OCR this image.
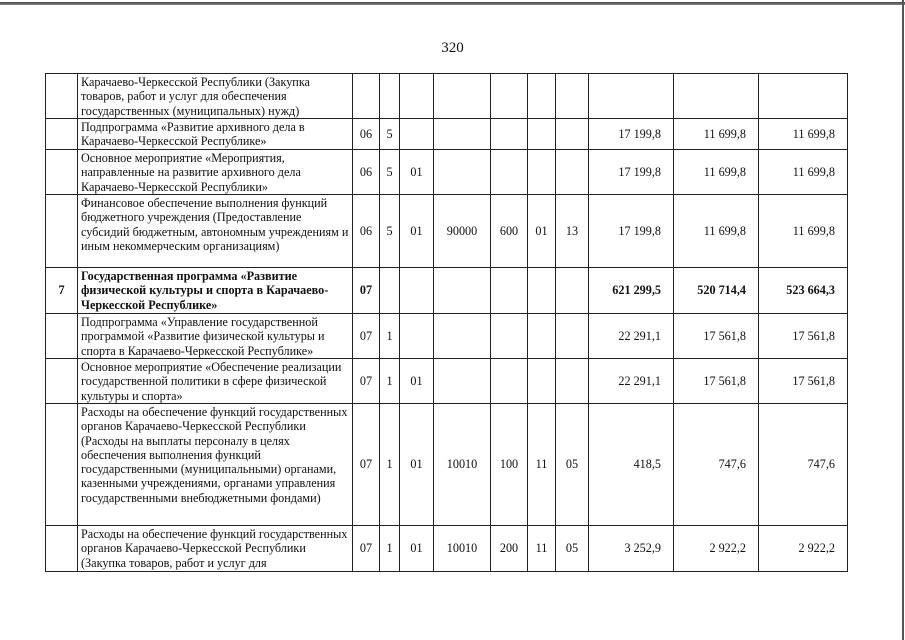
320
	Карачаево-Черкесской Республики (Закупка товаров, работ и услуг для обеспечения государственных (муниципальных) нужд)										
	Подпрограмма «Развитие архивного дела в Карачаево-Черкесской Республике»	06	5						17 199,8	11 699,8	11 699,8
	Основное мероприятие «Мероприятия, направленные на развитие архивного дела Карачаево-Черкесской Республики»	06	5	01					17 199,8	11 699,8	11 699,8
	Финансовое обеспечение выполнения функций бюджетного учреждения (Предоставление субсидий бюджетным, автономным учреждениям и иным некоммерческим организациям)	06	5	01	90000	600	01	13	17 199,8	11 699,8	11 699,8
7	Государственная программа «Развитие физической культуры и спорта в Карачаево-Черкесской Республике»	07							621 299,5	520 714,4	523 664,3
	Подпрограмма «Управление государственной программой «Развитие физической культуры и спорта в Карачаево-Черкесской Республике»	07	1						22 291,1	17 561,8	17 561,8
	Основное мероприятие «Обеспечение реализации государственной политики в сфере физической культуры и спорта»	07	1	01					22 291,1	17 561,8	17 561,8
	Расходы на обеспечение функций государственных органов Карачаево-Черкесской Республики (Расходы на выплаты персоналу в целях обеспечения выполнения функций государственными (муниципальными) органами, казенными учреждениями, органами управления государственными внебюджетными фондами)	07	1	01	10010	100	11	05	418,5	747,6	747,6

	Расходы на обеспечение функций государственных органов Карачаево-Черкесской Республики (Закупка товаров, работ и услуг для	07	1	01	10010	200	11	05	3 252,9	2 922,2	2 922,2
